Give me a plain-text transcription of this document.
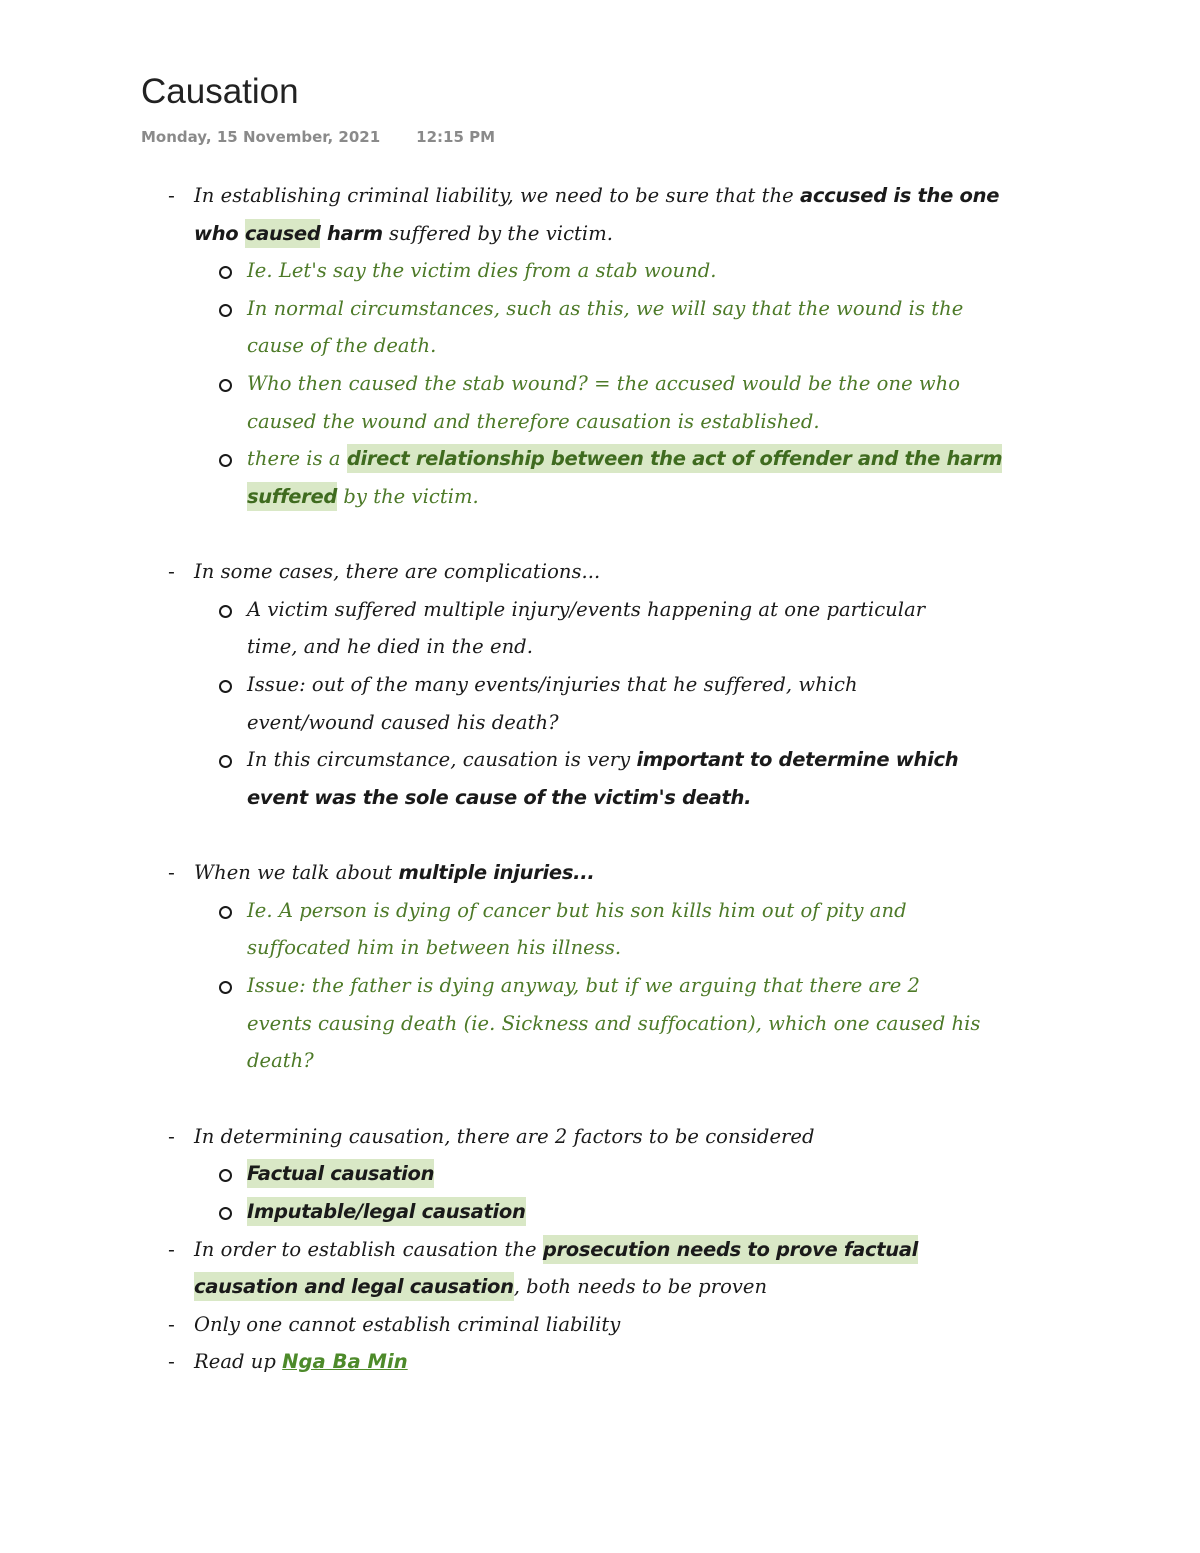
Causation
Monday, 15 November, 2021 12:15 PM
- In establishing criminal liability, we need to be sure that the accused is the one
who caused harm suffered by the victim.
Ie. Let's say the victim dies from a stab wound.
In normal circumstances, such as this, we will say that the wound is the
cause of the death.
Who then caused the stab wound? = the accused would be the one who
caused the wound and therefore causation is established.
there is a direct relationship between the act of offender and the harm
suffered by the victim.
- In some cases, there are complications...
A victim suffered multiple injury/events happening at one particular
time, and he died in the end.
Issue: out of the many events/injuries that he suffered, which
event/wound caused his death?
In this circumstance, causation is very important to determine which
event was the sole cause of the victim's death.
- When we talk about multiple injuries...
Ie. A person is dying of cancer but his son kills him out of pity and
suffocated him in between his illness.
Issue: the father is dying anyway, but if we arguing that there are 2
events causing death (ie. Sickness and suffocation), which one caused his
death?
- In determining causation, there are 2 factors to be considered
Factual causation
Imputable/legal causation
- In order to establish causation the prosecution needs to prove factual
causation and legal causation, both needs to be proven
- Only one cannot establish criminal liability
- Read up Nga Ba Min
